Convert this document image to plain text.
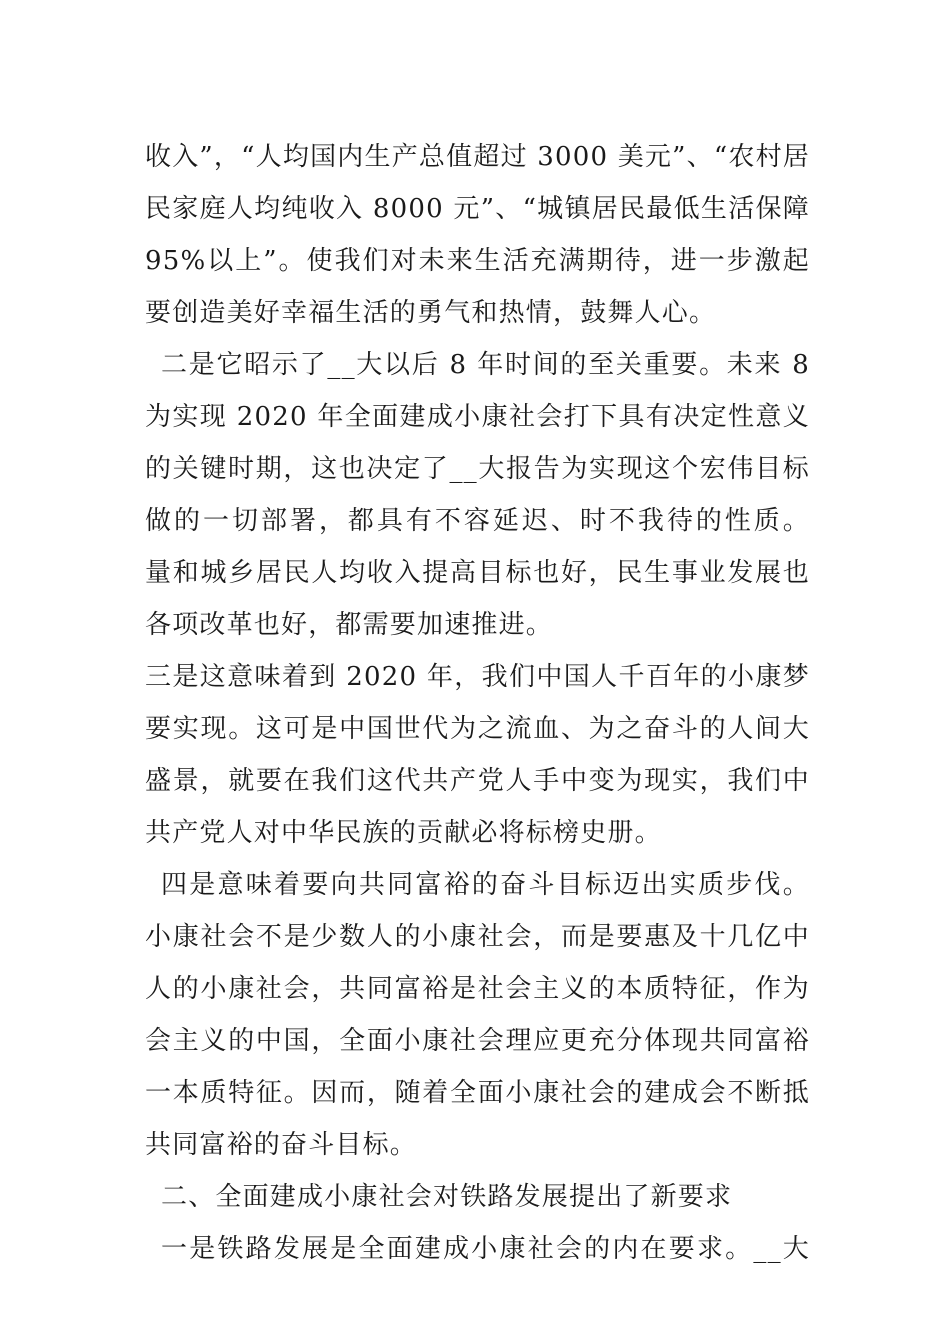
收入”，“人均国内生产总值超过 3000 美元”、“农村居
民家庭人均纯收入 8000 元”、“城镇居民最低生活保障
95%以上”。使我们对未来生活充满期待，进一步激起
要创造美好幸福生活的勇气和热情，鼓舞人心。
二是它昭示了__大以后 8 年时间的至关重要。未来 8
为实现 2020 年全面建成小康社会打下具有决定性意义
的关键时期，这也决定了__大报告为实现这个宏伟目标
做的一切部署，都具有不容延迟、时不我待的性质。
量和城乡居民人均收入提高目标也好，民生事业发展也
各项改革也好，都需要加速推进。
三是这意味着到 2020 年，我们中国人千百年的小康梦
要实现。这可是中国世代为之流血、为之奋斗的人间大
盛景，就要在我们这代共产党人手中变为现实，我们中
共产党人对中华民族的贡献必将标榜史册。
四是意味着要向共同富裕的奋斗目标迈出实质步伐。
小康社会不是少数人的小康社会，而是要惠及十几亿中
人的小康社会，共同富裕是社会主义的本质特征，作为
会主义的中国，全面小康社会理应更充分体现共同富裕
一本质特征。因而，随着全面小康社会的建成会不断抵
共同富裕的奋斗目标。
二、全面建成小康社会对铁路发展提出了新要求
一是铁路发展是全面建成小康社会的内在要求。__大
